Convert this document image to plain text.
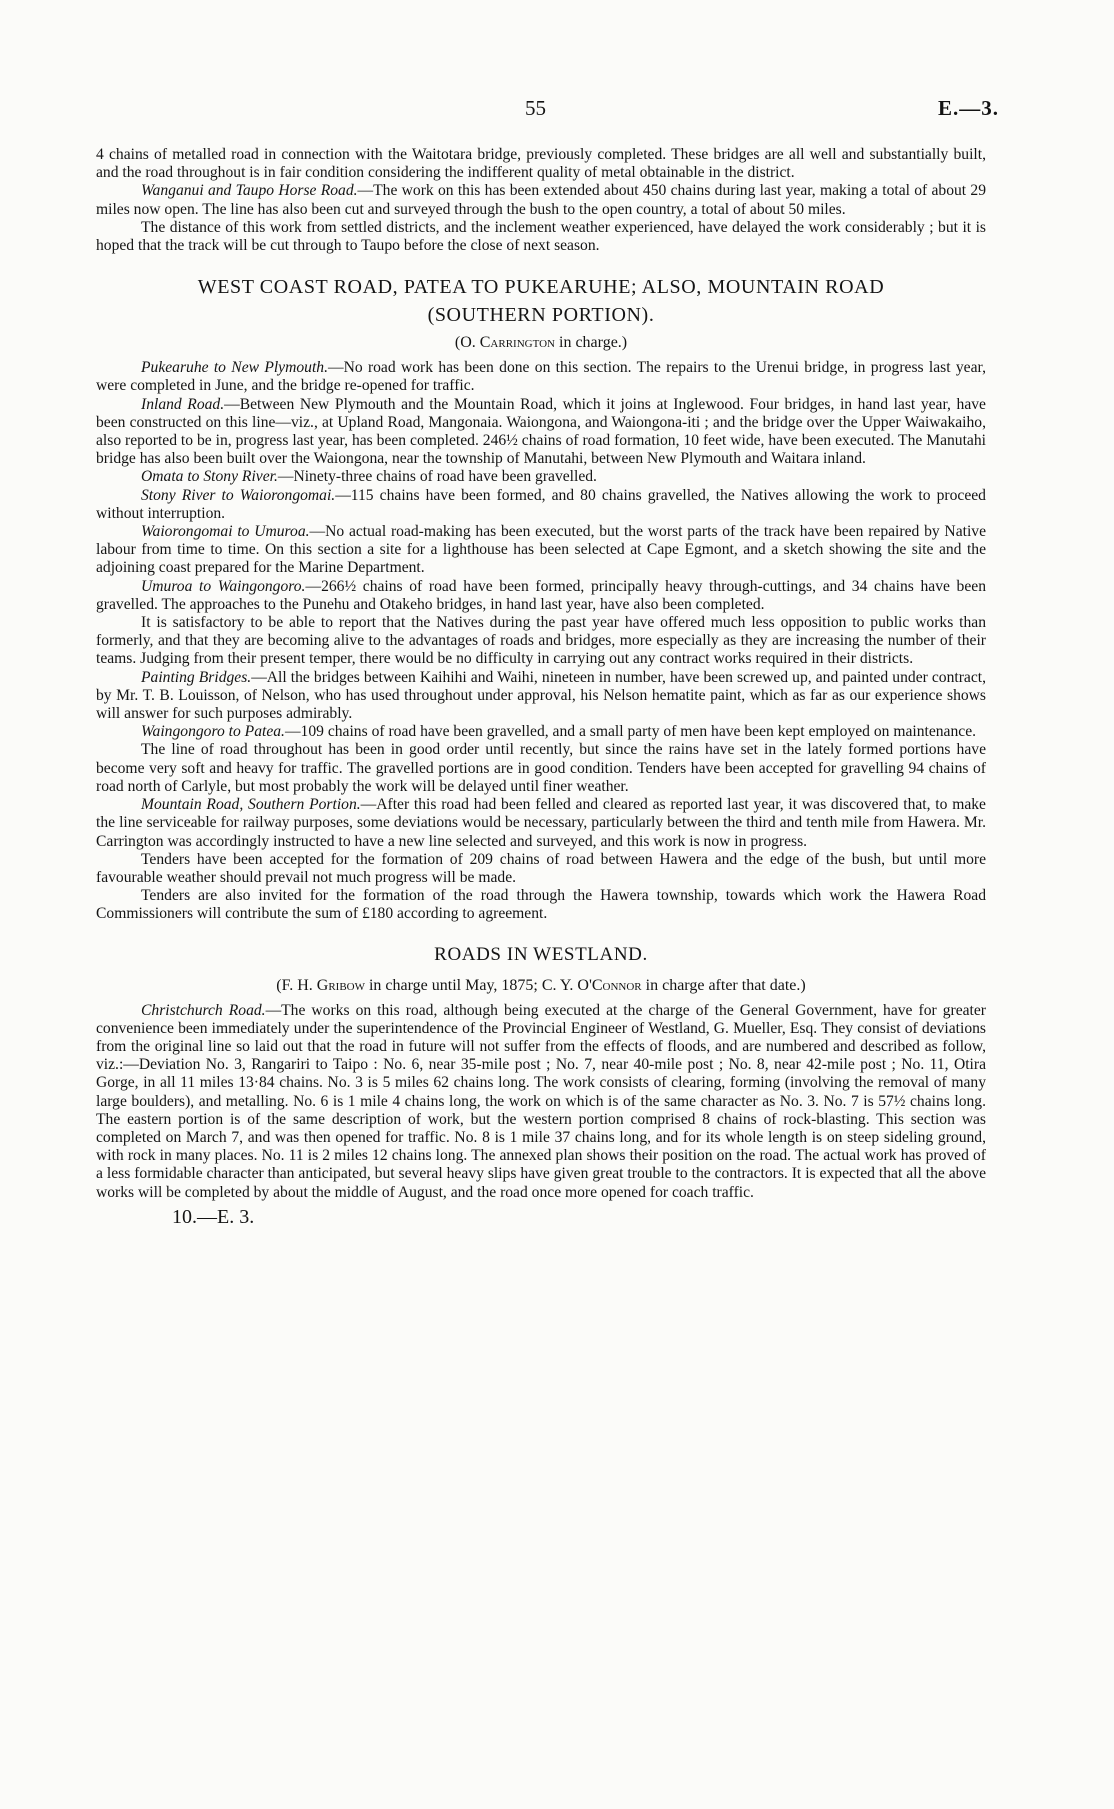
55	E.—3.

4 chains of metalled road in connection with the Waitotara bridge, previously completed. These bridges are all well and substantially built, and the road throughout is in fair condition considering the indifferent quality of metal obtainable in the district.

Wanganui and Taupo Horse Road.—The work on this has been extended about 450 chains during last year, making a total of about 29 miles now open. The line has also been cut and surveyed through the bush to the open country, a total of about 50 miles.

The distance of this work from settled districts, and the inclement weather experienced, have delayed the work considerably ; but it is hoped that the track will be cut through to Taupo before the close of next season.

WEST COAST ROAD, PATEA TO PUKEARUHE; ALSO, MOUNTAIN ROAD
(SOUTHERN PORTION).
(O. Carrington in charge.)

Pukearuhe to New Plymouth.—No road work has been done on this section. The repairs to the Urenui bridge, in progress last year, were completed in June, and the bridge re-opened for traffic.

Inland Road.—Between New Plymouth and the Mountain Road, which it joins at Inglewood. Four bridges, in hand last year, have been constructed on this line—viz., at Upland Road, Mangonaia. Waiongona, and Waiongona-iti ; and the bridge over the Upper Waiwakaiho, also reported to be in, progress last year, has been completed. 246½ chains of road formation, 10 feet wide, have been executed. The Manutahi bridge has also been built over the Waiongona, near the township of Manutahi, between New Plymouth and Waitara inland.

Omata to Stony River.—Ninety-three chains of road have been gravelled.

Stony River to Waiorongomai.—115 chains have been formed, and 80 chains gravelled, the Natives allowing the work to proceed without interruption.

Waiorongomai to Umuroa.—No actual road-making has been executed, but the worst parts of the track have been repaired by Native labour from time to time. On this section a site for a lighthouse has been selected at Cape Egmont, and a sketch showing the site and the adjoining coast prepared for the Marine Department.

Umuroa to Waingongoro.—266½ chains of road have been formed, principally heavy through-cuttings, and 34 chains have been gravelled. The approaches to the Punehu and Otakeho bridges, in hand last year, have also been completed.

It is satisfactory to be able to report that the Natives during the past year have offered much less opposition to public works than formerly, and that they are becoming alive to the advantages of roads and bridges, more especially as they are increasing the number of their teams. Judging from their present temper, there would be no difficulty in carrying out any contract works required in their districts.

Painting Bridges.—All the bridges between Kaihihi and Waihi, nineteen in number, have been screwed up, and painted under contract, by Mr. T. B. Louisson, of Nelson, who has used throughout under approval, his Nelson hematite paint, which as far as our experience shows will answer for such purposes admirably.

Waingongoro to Patea.—109 chains of road have been gravelled, and a small party of men have been kept employed on maintenance.

The line of road throughout has been in good order until recently, but since the rains have set in the lately formed portions have become very soft and heavy for traffic. The gravelled portions are in good condition. Tenders have been accepted for gravelling 94 chains of road north of Carlyle, but most probably the work will be delayed until finer weather.

Mountain Road, Southern Portion.—After this road had been felled and cleared as reported last year, it was discovered that, to make the line serviceable for railway purposes, some deviations would be necessary, particularly between the third and tenth mile from Hawera. Mr. Carrington was accordingly instructed to have a new line selected and surveyed, and this work is now in progress.

Tenders have been accepted for the formation of 209 chains of road between Hawera and the edge of the bush, but until more favourable weather should prevail not much progress will be made.

Tenders are also invited for the formation of the road through the Hawera township, towards which work the Hawera Road Commissioners will contribute the sum of £180 according to agreement.

ROADS IN WESTLAND.
(F. H. Gribow in charge until May, 1875; C. Y. O'Connor in charge after that date.)

Christchurch Road.—The works on this road, although being executed at the charge of the General Government, have for greater convenience been immediately under the superintendence of the Provincial Engineer of Westland, G. Mueller, Esq. They consist of deviations from the original line so laid out that the road in future will not suffer from the effects of floods, and are numbered and described as follow, viz.:—Deviation No. 3, Rangariri to Taipo : No. 6, near 35-mile post ; No. 7, near 40-mile post ; No. 8, near 42-mile post ; No. 11, Otira Gorge, in all 11 miles 13·84 chains. No. 3 is 5 miles 62 chains long. The work consists of clearing, forming (involving the removal of many large boulders), and metalling. No. 6 is 1 mile 4 chains long, the work on which is of the same character as No. 3. No. 7 is 57½ chains long. The eastern portion is of the same description of work, but the western portion comprised 8 chains of rock-blasting. This section was completed on March 7, and was then opened for traffic. No. 8 is 1 mile 37 chains long, and for its whole length is on steep sideling ground, with rock in many places. No. 11 is 2 miles 12 chains long. The annexed plan shows their position on the road. The actual work has proved of a less formidable character than anticipated, but several heavy slips have given great trouble to the contractors. It is expected that all the above works will be completed by about the middle of August, and the road once more opened for coach traffic.

10.—E. 3.
